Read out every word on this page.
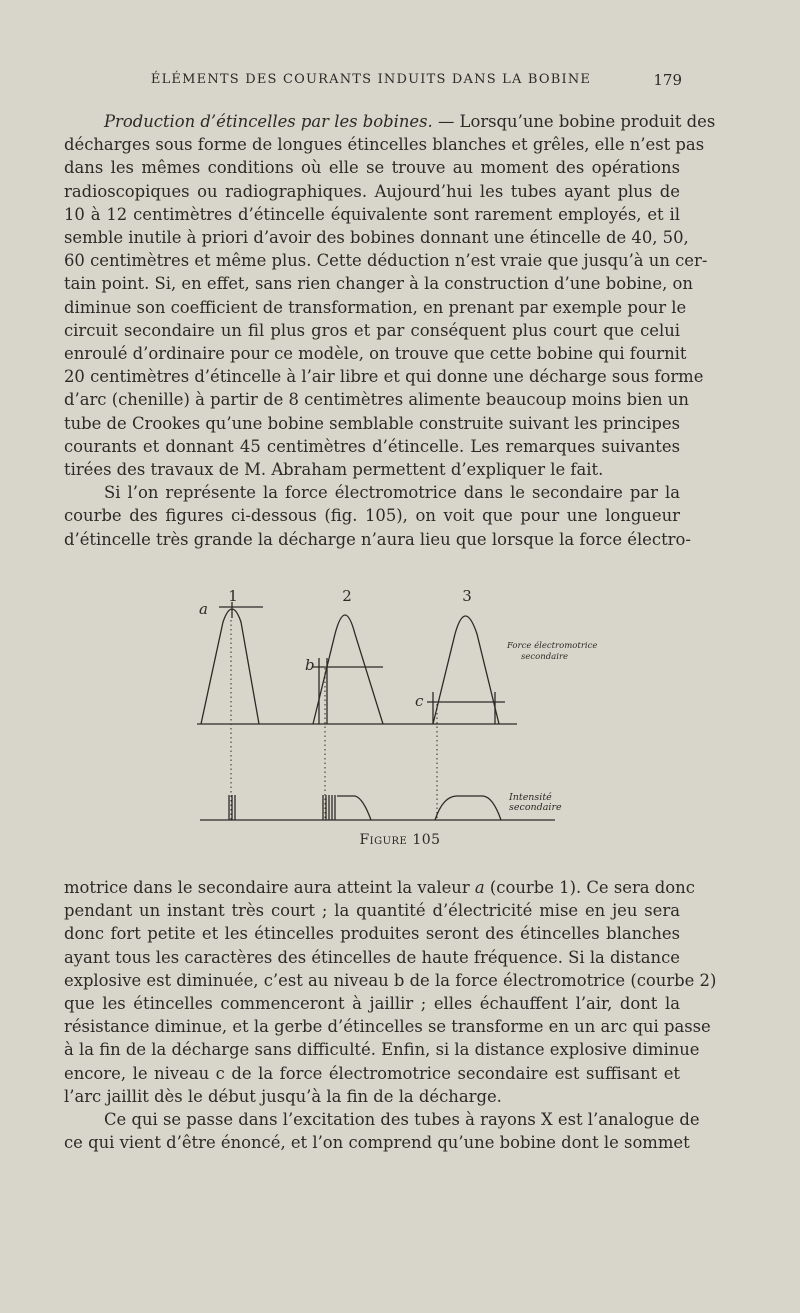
ÉLÉMENTS DES COURANTS INDUITS DANS LA BOBINE	179
Production d’étincelles par les bobines. — Lorsqu’une bobine produit des
décharges sous forme de longues étincelles blanches et grêles, elle n’est pas
dans les mêmes conditions où elle se trouve au moment des opérations
radioscopiques ou radiographiques. Aujourd’hui les tubes ayant plus de
10 à 12 centimètres d’étincelle équivalente sont rarement employés, et il
semble inutile à priori d’avoir des bobines donnant une étincelle de 40, 50,
60 centimètres et même plus. Cette déduction n’est vraie que jusqu’à un cer-
tain point. Si, en effet, sans rien changer à la construction d’une bobine, on
diminue son coefficient de transformation, en prenant par exemple pour le
circuit secondaire un fil plus gros et par conséquent plus court que celui
enroulé d’ordinaire pour ce modèle, on trouve que cette bobine qui fournit
20 centimètres d’étincelle à l’air libre et qui donne une décharge sous forme
d’arc (chenille) à partir de 8 centimètres alimente beaucoup moins bien un
tube de Crookes qu’une bobine semblable construite suivant les principes
courants et donnant 45 centimètres d’étincelle. Les remarques suivantes
tirées des travaux de M. Abraham permettent d’expliquer le fait.
Si l’on représente la force électromotrice dans le secondaire par la
courbe des figures ci-dessous (fig. 105), on voit que pour une longueur
d’étincelle très grande la décharge n’aura lieu que lorsque la force électro-
1	2	3
a
b
c
Force électromotrice
secondaire
Intensité
secondaire
Figure 105
motrice dans le secondaire aura atteint la valeur a (courbe 1). Ce sera donc
pendant un instant très court ; la quantité d’électricité mise en jeu sera
donc fort petite et les étincelles produites seront des étincelles blanches
ayant tous les caractères des étincelles de haute fréquence. Si la distance
explosive est diminuée, c’est au niveau b de la force électromotrice (courbe 2)
que les étincelles commenceront à jaillir ; elles échauffent l’air, dont la
résistance diminue, et la gerbe d’étincelles se transforme en un arc qui passe
à la fin de la décharge sans difficulté. Enfin, si la distance explosive diminue
encore, le niveau c de la force électromotrice secondaire est suffisant et
l’arc jaillit dès le début jusqu’à la fin de la décharge.
Ce qui se passe dans l’excitation des tubes à rayons X est l’analogue de
ce qui vient d’être énoncé, et l’on comprend qu’une bobine dont le sommet
